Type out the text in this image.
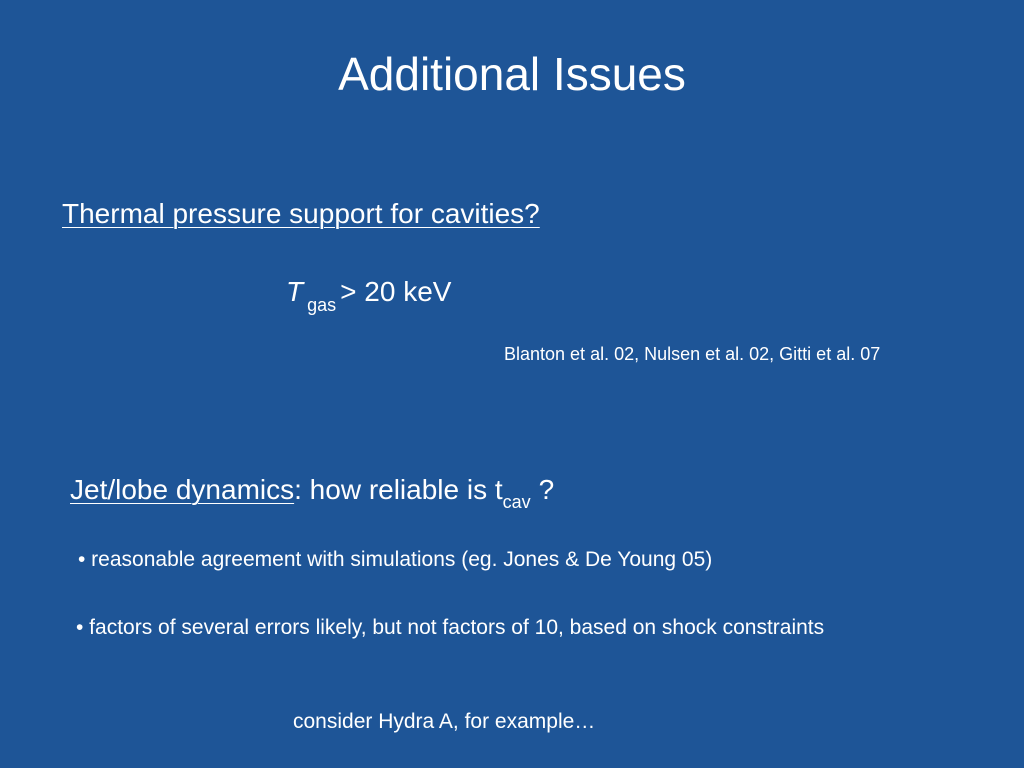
Additional Issues
Thermal pressure support for cavities?
T $_{gas}$ > 20 keV
Blanton et al. 02, Nulsen et al. 02, Gitti et al. 07
Jet/lobe dynamics: how reliable is $t_{cav}$ ?
• reasonable agreement with simulations (eg. Jones & De Young 05)
• factors of several errors likely, but not factors of 10, based on shock constraints
consider Hydra A, for example…
